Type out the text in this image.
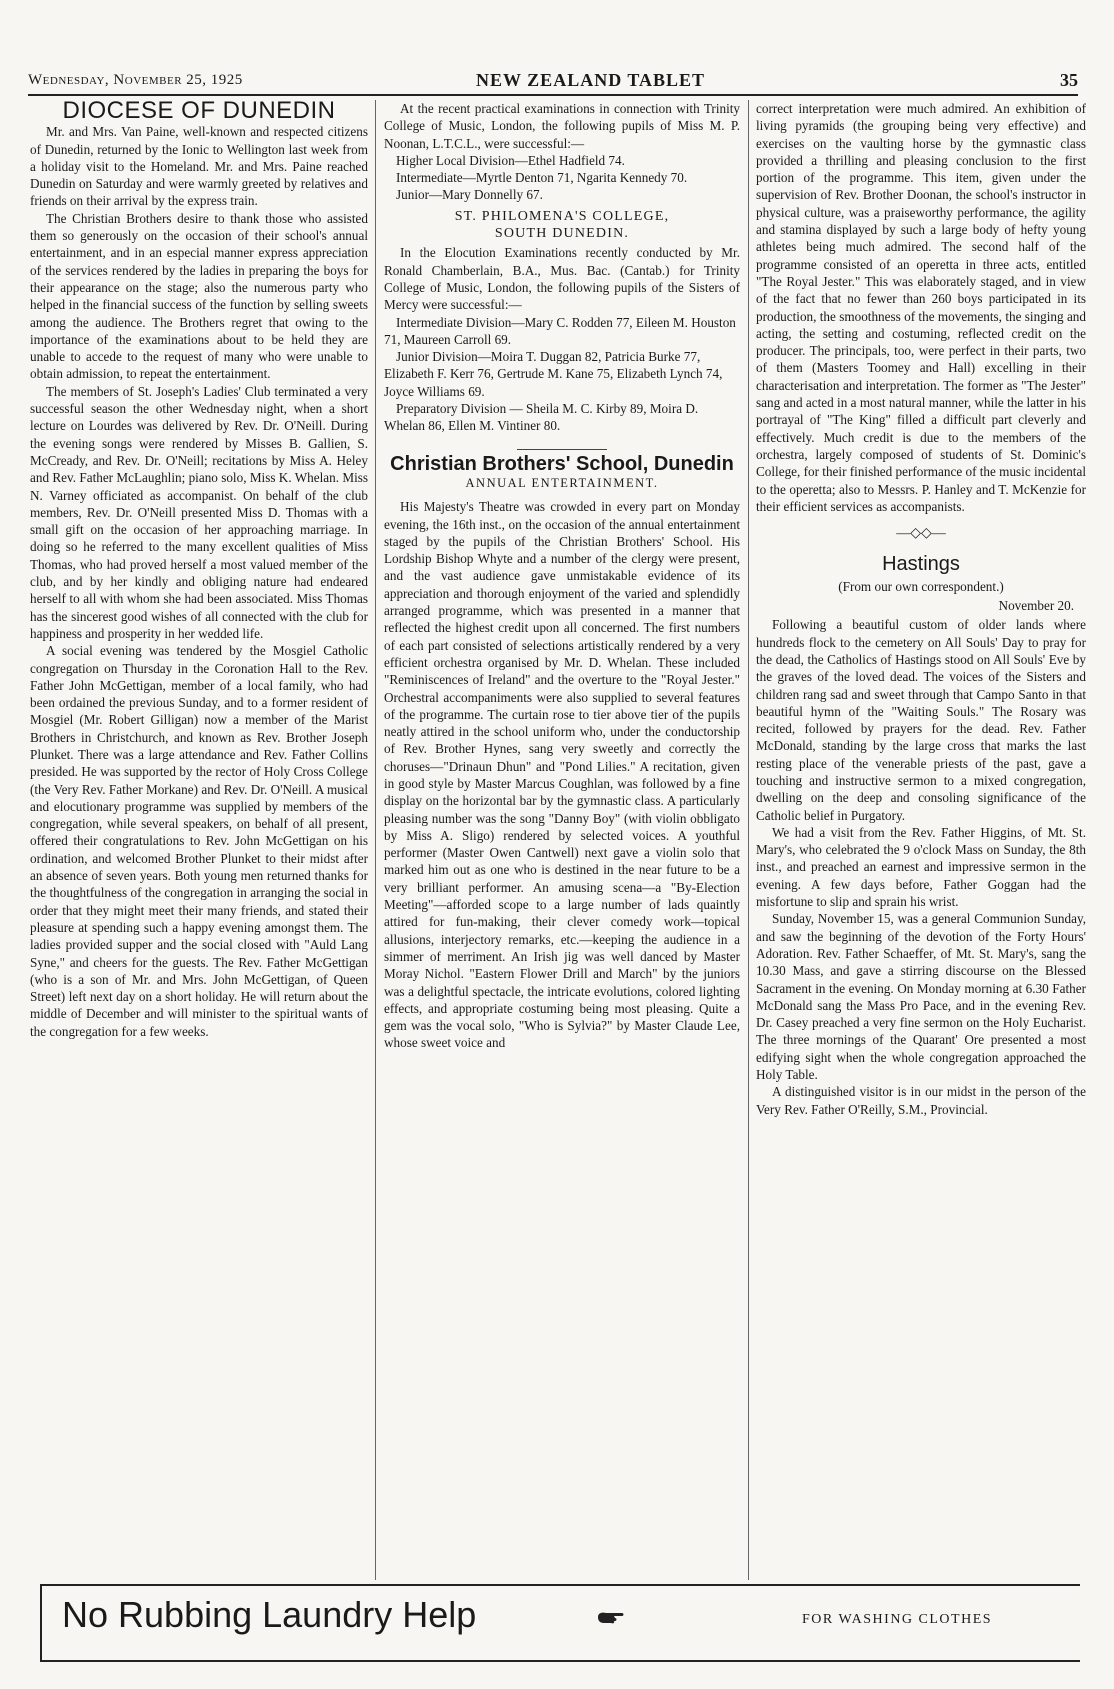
Wednesday, November 25, 1925	NEW ZEALAND TABLET	35
DIOCESE OF DUNEDIN

Mr. and Mrs. Van Paine, well-known and respected citizens of Dunedin, returned by the Ionic to Wellington last week from a holiday visit to the Homeland. Mr. and Mrs. Paine reached Dunedin on Saturday and were warmly greeted by relatives and friends on their arrival by the express train.

The Christian Brothers desire to thank those who assisted them so generously on the occasion of their school's annual entertainment, and in an especial manner express appreciation of the services rendered by the ladies in preparing the boys for their appearance on the stage; also the numerous party who helped in the financial success of the function by selling sweets among the audience. The Brothers regret that owing to the importance of the examinations about to be held they are unable to accede to the request of many who were unable to obtain admission, to repeat the entertainment.

The members of St. Joseph's Ladies' Club terminated a very successful season the other Wednesday night, when a short lecture on Lourdes was delivered by Rev. Dr. O'Neill. During the evening songs were rendered by Misses B. Gallien, S. McCready, and Rev. Dr. O'Neill; recitations by Miss A. Heley and Rev. Father McLaughlin; piano solo, Miss K. Whelan. Miss N. Varney officiated as accompanist. On behalf of the club members, Rev. Dr. O'Neill presented Miss D. Thomas with a small gift on the occasion of her approaching marriage. In doing so he referred to the many excellent qualities of Miss Thomas, who had proved herself a most valued member of the club, and by her kindly and obliging nature had endeared herself to all with whom she had been associated. Miss Thomas has the sincerest good wishes of all connected with the club for happiness and prosperity in her wedded life.

A social evening was tendered by the Mosgiel Catholic congregation on Thursday in the Coronation Hall to the Rev. Father John McGettigan, member of a local family, who had been ordained the previous Sunday, and to a former resident of Mosgiel (Mr. Robert Gilligan) now a member of the Marist Brothers in Christchurch, and known as Rev. Brother Joseph Plunket. There was a large attendance and Rev. Father Collins presided. He was supported by the rector of Holy Cross College (the Very Rev. Father Morkane) and Rev. Dr. O'Neill. A musical and elocutionary programme was supplied by members of the congregation, while several speakers, on behalf of all present, offered their congratulations to Rev. John McGettigan on his ordination, and welcomed Brother Plunket to their midst after an absence of seven years. Both young men returned thanks for the thoughtfulness of the congregation in arranging the social in order that they might meet their many friends, and stated their pleasure at spending such a happy evening amongst them. The ladies provided supper and the social closed with "Auld Lang Syne," and cheers for the guests. The Rev. Father McGettigan (who is a son of Mr. and Mrs. John McGettigan, of Queen Street) left next day on a short holiday. He will return about the middle of December and will minister to the spiritual wants of the congregation for a few weeks.

At the recent practical examinations in connection with Trinity College of Music, London, the following pupils of Miss M. P. Noonan, L.T.C.L., were successful:—

Higher Local Division—Ethel Hadfield 74.

Intermediate—Myrtle Denton 71, Ngarita Kennedy 70.

Junior—Mary Donnelly 67.

ST. PHILOMENA'S COLLEGE,
SOUTH DUNEDIN.

In the Elocution Examinations recently conducted by Mr. Ronald Chamberlain, B.A., Mus. Bac. (Cantab.) for Trinity College of Music, London, the following pupils of the Sisters of Mercy were successful:—

Intermediate Division—Mary C. Rodden 77, Eileen M. Houston 71, Maureen Carroll 69.

Junior Division—Moira T. Duggan 82, Patricia Burke 77, Elizabeth F. Kerr 76, Gertrude M. Kane 75, Elizabeth Lynch 74, Joyce Williams 69.

Preparatory Division — Sheila M. C. Kirby 89, Moira D. Whelan 86, Ellen M. Vintiner 80.

Christian Brothers' School, Dunedin
ANNUAL ENTERTAINMENT.

His Majesty's Theatre was crowded in every part on Monday evening, the 16th inst., on the occasion of the annual entertainment staged by the pupils of the Christian Brothers' School. His Lordship Bishop Whyte and a number of the clergy were present, and the vast audience gave unmistakable evidence of its appreciation and thorough enjoyment of the varied and splendidly arranged programme, which was presented in a manner that reflected the highest credit upon all concerned. The first numbers of each part consisted of selections artistically rendered by a very efficient orchestra organised by Mr. D. Whelan. These included "Reminiscences of Ireland" and the overture to the "Royal Jester." Orchestral accompaniments were also supplied to several features of the programme. The curtain rose to tier above tier of the pupils neatly attired in the school uniform who, under the conductorship of Rev. Brother Hynes, sang very sweetly and correctly the choruses—"Drinaun Dhun" and "Pond Lilies." A recitation, given in good style by Master Marcus Coughlan, was followed by a fine display on the horizontal bar by the gymnastic class. A particularly pleasing number was the song "Danny Boy" (with violin obbligato by Miss A. Sligo) rendered by selected voices. A youthful performer (Master Owen Cantwell) next gave a violin solo that marked him out as one who is destined in the near future to be a very brilliant performer. An amusing scena—a "By-Election Meeting"—afforded scope to a large number of lads quaintly attired for fun-making, their clever comedy work—topical allusions, interjectory remarks, etc.—keeping the audience in a simmer of merriment. An Irish jig was well danced by Master Moray Nichol. "Eastern Flower Drill and March" by the juniors was a delightful spectacle, the intricate evolutions, colored lighting effects, and appropriate costuming being most pleasing. Quite a gem was the vocal solo, "Who is Sylvia?" by Master Claude Lee, whose sweet voice and

correct interpretation were much admired. An exhibition of living pyramids (the grouping being very effective) and exercises on the vaulting horse by the gymnastic class provided a thrilling and pleasing conclusion to the first portion of the programme. This item, given under the supervision of Rev. Brother Doonan, the school's instructor in physical culture, was a praiseworthy performance, the agility and stamina displayed by such a large body of hefty young athletes being much admired. The second half of the programme consisted of an operetta in three acts, entitled "The Royal Jester." This was elaborately staged, and in view of the fact that no fewer than 260 boys participated in its production, the smoothness of the movements, the singing and acting, the setting and costuming, reflected credit on the producer. The principals, too, were perfect in their parts, two of them (Masters Toomey and Hall) excelling in their characterisation and interpretation. The former as "The Jester" sang and acted in a most natural manner, while the latter in his portrayal of "The King" filled a difficult part cleverly and effectively. Much credit is due to the members of the orchestra, largely composed of students of St. Dominic's College, for their finished performance of the music incidental to the operetta; also to Messrs. P. Hanley and T. McKenzie for their efficient services as accompanists.

—◇◇—
Hastings
(From our own correspondent.)
November 20.

Following a beautiful custom of older lands where hundreds flock to the cemetery on All Souls' Day to pray for the dead, the Catholics of Hastings stood on All Souls' Eve by the graves of the loved dead. The voices of the Sisters and children rang sad and sweet through that Campo Santo in that beautiful hymn of the "Waiting Souls." The Rosary was recited, followed by prayers for the dead. Rev. Father McDonald, standing by the large cross that marks the last resting place of the venerable priests of the past, gave a touching and instructive sermon to a mixed congregation, dwelling on the deep and consoling significance of the Catholic belief in Purgatory.

We had a visit from the Rev. Father Higgins, of Mt. St. Mary's, who celebrated the 9 o'clock Mass on Sunday, the 8th inst., and preached an earnest and impressive sermon in the evening. A few days before, Father Goggan had the misfortune to slip and sprain his wrist.

Sunday, November 15, was a general Communion Sunday, and saw the beginning of the devotion of the Forty Hours' Adoration. Rev. Father Schaeffer, of Mt. St. Mary's, sang the 10.30 Mass, and gave a stirring discourse on the Blessed Sacrament in the evening. On Monday morning at 6.30 Father McDonald sang the Mass Pro Pace, and in the evening Rev. Dr. Casey preached a very fine sermon on the Holy Eucharist. The three mornings of the Quarant' Ore presented a most edifying sight when the whole congregation approached the Holy Table.

A distinguished visitor is in our midst in the person of the Very Rev. Father O'Reilly, S.M., Provincial.

No Rubbing Laundry Help	FOR WASHING CLOTHES
